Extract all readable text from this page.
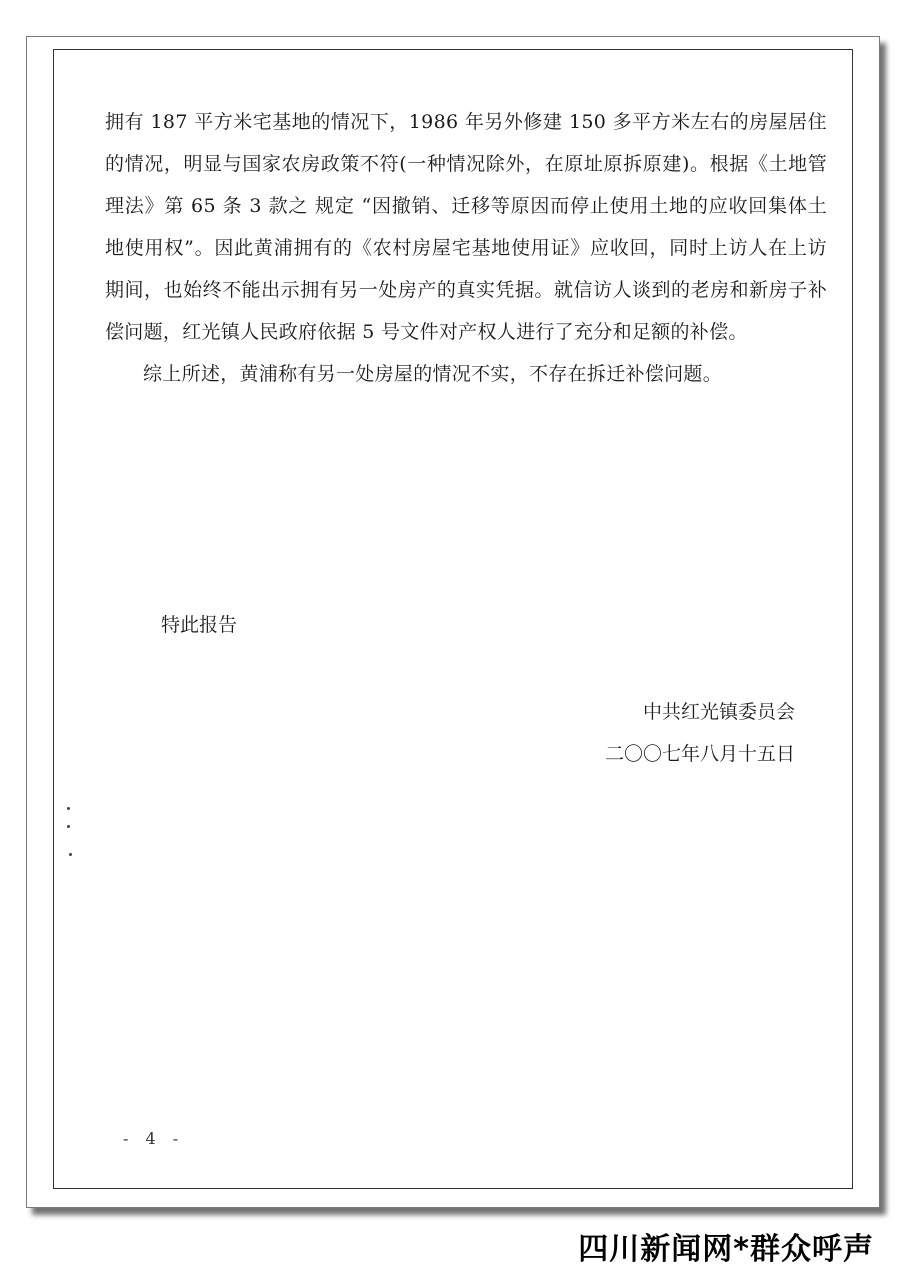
拥有 187 平方米宅基地的情况下，1986 年另外修建 150 多平方米左右的房屋居住的情况，明显与国家农房政策不符(一种情况除外，在原址原拆原建)。根据《土地管理法》第 65 条 3 款之 规定 “因撤销、迁移等原因而停止使用土地的应收回集体土地使用权”。因此黄浦拥有的《农村房屋宅基地使用证》应收回，同时上访人在上访期间，也始终不能出示拥有另一处房产的真实凭据。就信访人谈到的老房和新房子补偿问题，红光镇人民政府依据 5 号文件对产权人进行了充分和足额的补偿。

综上所述，黄浦称有另一处房屋的情况不实，不存在拆迁补偿问题。

特此报告
中共红光镇委员会
二〇〇七年八月十五日
- 4 -
四川新闻网*群众呼声
